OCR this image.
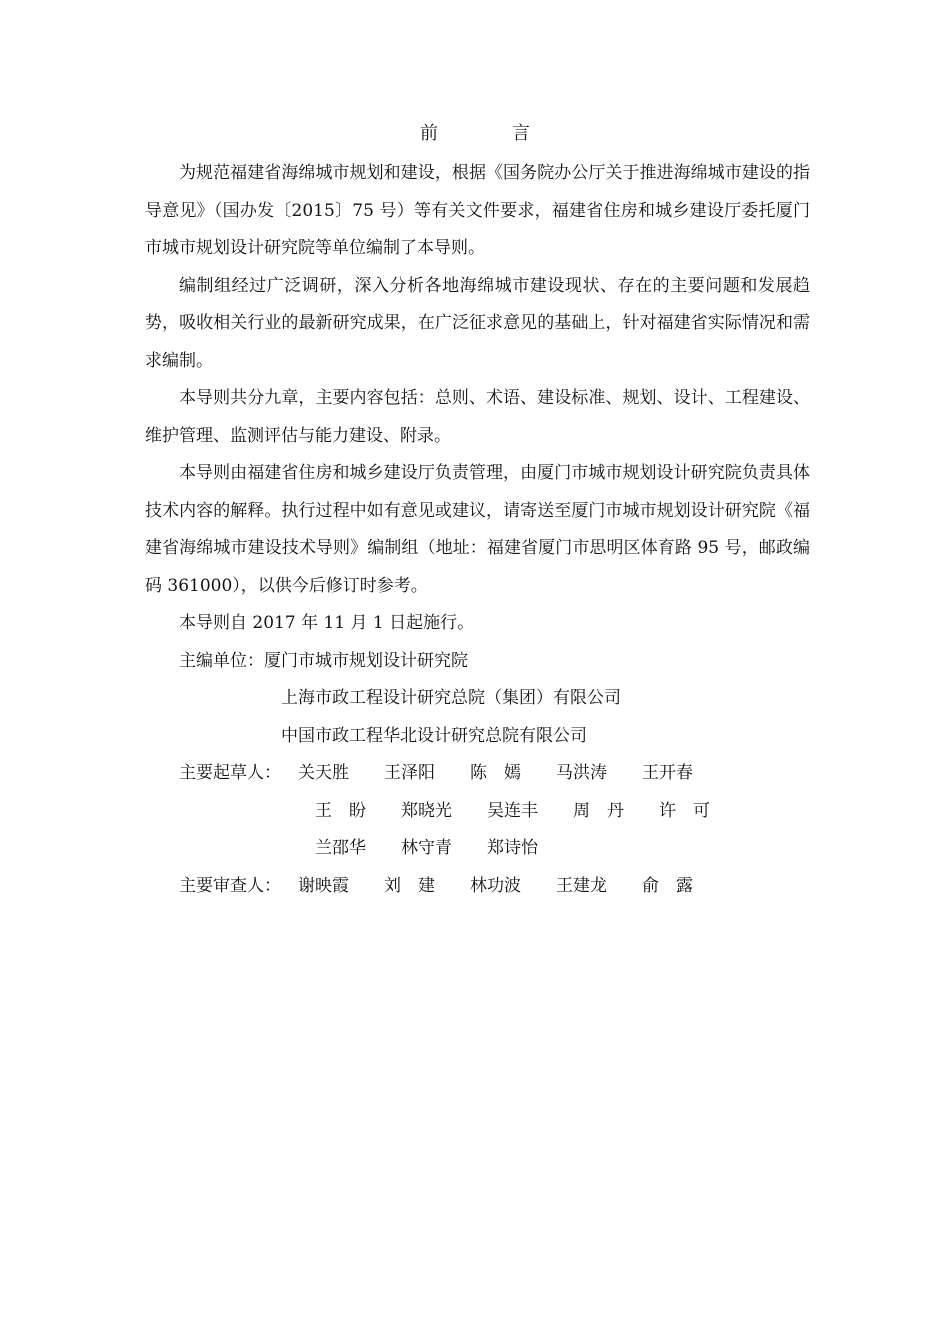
前　言

为规范福建省海绵城市规划和建设，根据《国务院办公厅关于推进海绵城市建设的指导意见》（国办发〔2015〕75 号）等有关文件要求，福建省住房和城乡建设厅委托厦门市城市规划设计研究院等单位编制了本导则。

编制组经过广泛调研，深入分析各地海绵城市建设现状、存在的主要问题和发展趋势，吸收相关行业的最新研究成果，在广泛征求意见的基础上，针对福建省实际情况和需求编制。

本导则共分九章，主要内容包括：总则、术语、建设标准、规划、设计、工程建设、维护管理、监测评估与能力建设、附录。

本导则由福建省住房和城乡建设厅负责管理，由厦门市城市规划设计研究院负责具体技术内容的解释。执行过程中如有意见或建议，请寄送至厦门市城市规划设计研究院《福建省海绵城市建设技术导则》编制组（地址：福建省厦门市思明区体育路 95 号，邮政编码 361000），以供今后修订时参考。

本导则自 2017 年 11 月 1 日起施行。

主编单位：厦门市城市规划设计研究院

上海市政工程设计研究总院（集团）有限公司

中国市政工程华北设计研究总院有限公司

主要起草人：	关天胜 王泽阳 陈　嫣 马洪涛 王开春
王　盼 郑晓光 吴连丰 周　丹 许　可
兰邵华 林守青 郑诗怡
主要审查人：	谢映霞 刘　建 林功波 王建龙 俞　露
